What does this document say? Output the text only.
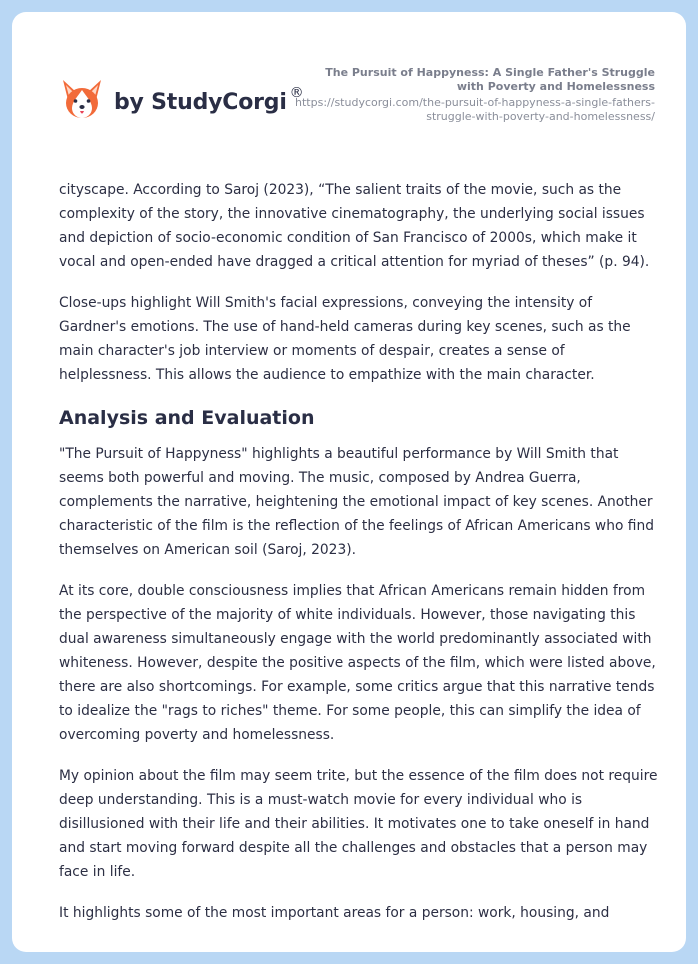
by StudyCorgi ®
The Pursuit of Happyness: A Single Father's Struggle with Poverty and Homelessness
https://studycorgi.com/the-pursuit-of-happyness-a-single-fathers-struggle-with-poverty-and-homelessness/

cityscape. According to Saroj (2023), “The salient traits of the movie, such as the complexity of the story, the innovative cinematography, the underlying social issues and depiction of socio-economic condition of San Francisco of 2000s, which make it vocal and open-ended have dragged a critical attention for myriad of theses” (p. 94).

Close-ups highlight Will Smith's facial expressions, conveying the intensity of Gardner's emotions. The use of hand-held cameras during key scenes, such as the main character's job interview or moments of despair, creates a sense of helplessness. This allows the audience to empathize with the main character.

Analysis and Evaluation

"The Pursuit of Happyness" highlights a beautiful performance by Will Smith that seems both powerful and moving. The music, composed by Andrea Guerra, complements the narrative, heightening the emotional impact of key scenes. Another characteristic of the film is the reflection of the feelings of African Americans who find themselves on American soil (Saroj, 2023).

At its core, double consciousness implies that African Americans remain hidden from the perspective of the majority of white individuals. However, those navigating this dual awareness simultaneously engage with the world predominantly associated with whiteness. However, despite the positive aspects of the film, which were listed above, there are also shortcomings. For example, some critics argue that this narrative tends to idealize the "rags to riches" theme. For some people, this can simplify the idea of overcoming poverty and homelessness.

My opinion about the film may seem trite, but the essence of the film does not require deep understanding. This is a must-watch movie for every individual who is disillusioned with their life and their abilities. It motivates one to take oneself in hand and start moving forward despite all the challenges and obstacles that a person may face in life.

It highlights some of the most important areas for a person: work, housing, and
